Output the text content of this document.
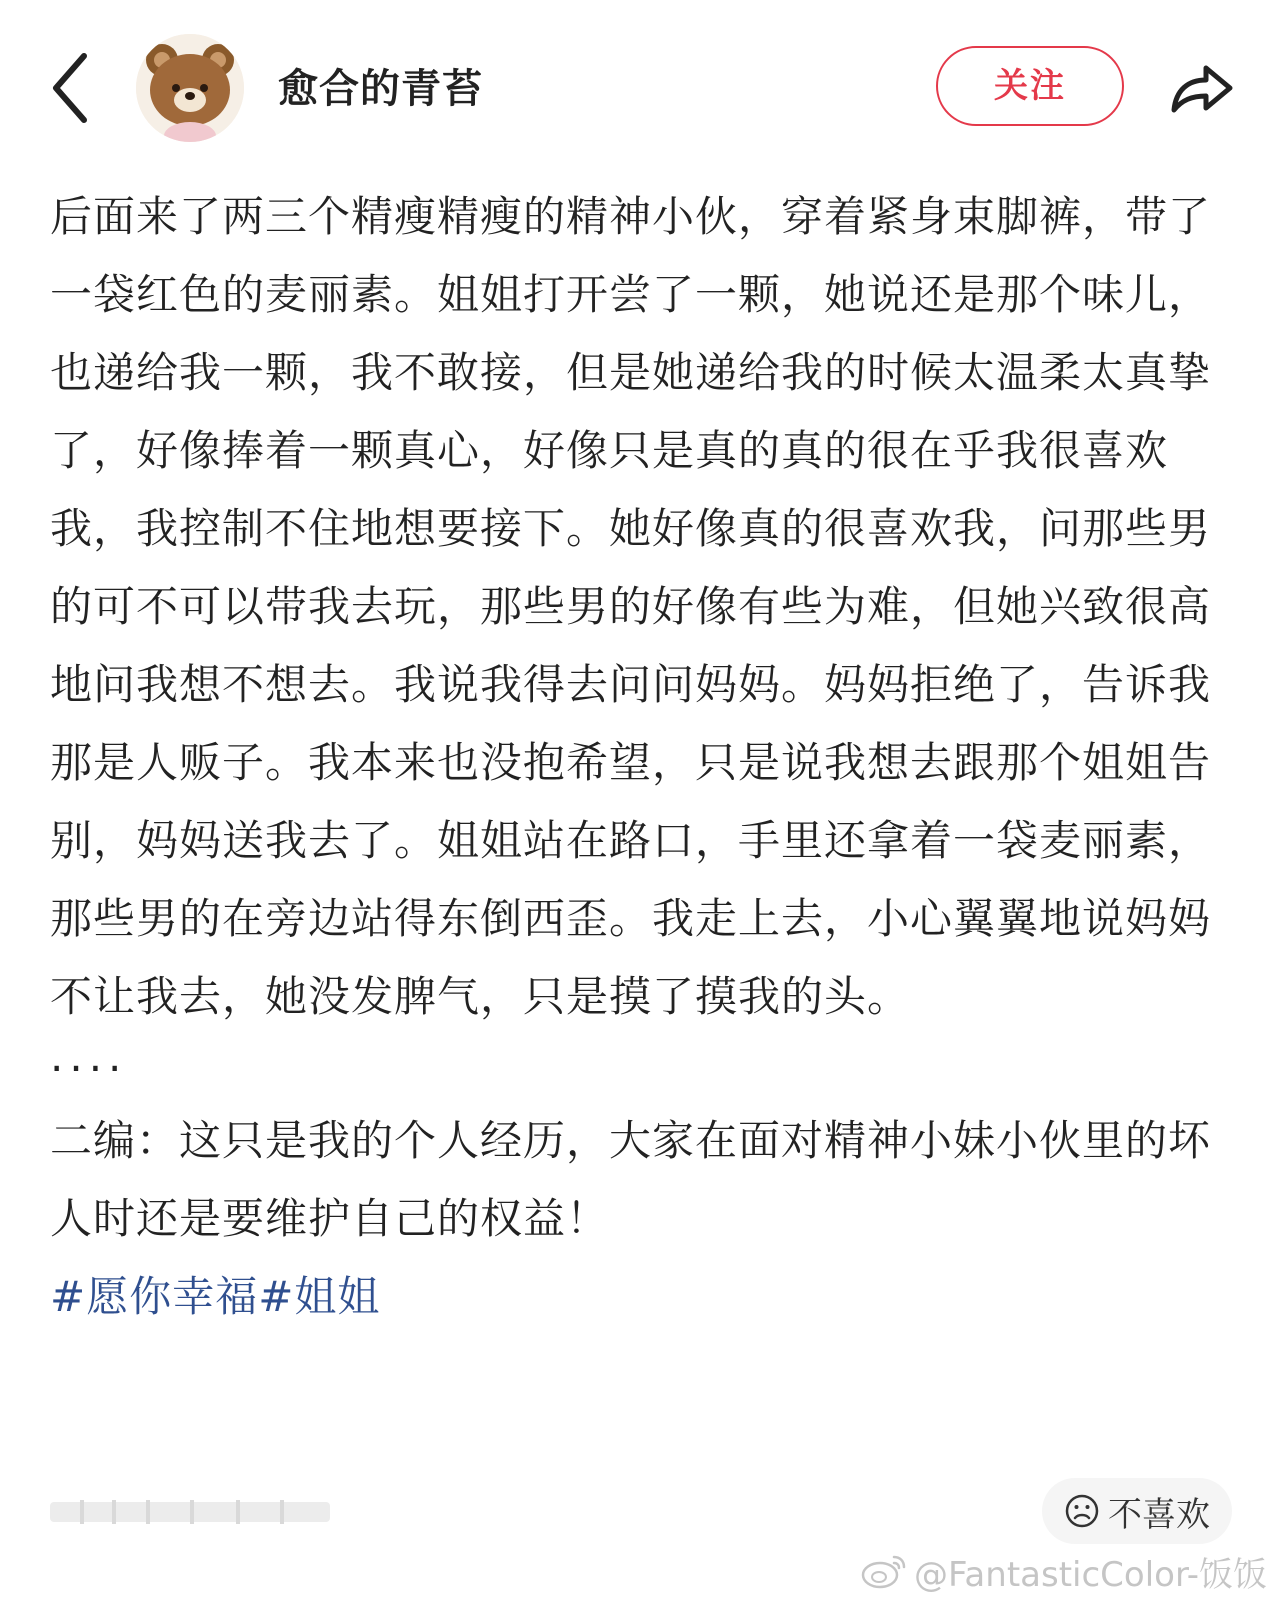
愈合的青苔	关注

后面来了两三个精瘦精瘦的精神小伙，穿着紧身束脚裤，带了一袋红色的麦丽素。姐姐打开尝了一颗，她说还是那个味儿，也递给我一颗，我不敢接，但是她递给我的时候太温柔太真挚了，好像捧着一颗真心，好像只是真的真的很在乎我很喜欢我，我控制不住地想要接下。她好像真的很喜欢我，问那些男的可不可以带我去玩，那些男的好像有些为难，但她兴致很高地问我想不想去。我说我得去问问妈妈。妈妈拒绝了，告诉我那是人贩子。我本来也没抱希望，只是说我想去跟那个姐姐告别，妈妈送我去了。姐姐站在路口，手里还拿着一袋麦丽素，那些男的在旁边站得东倒西歪。我走上去，小心翼翼地说妈妈不让我去，她没发脾气，只是摸了摸我的头。

····

二编：这只是我的个人经历，大家在面对精神小妹小伙里的坏人时还是要维护自己的权益！

#愿你幸福#姐姐

不喜欢
@FantasticColor-饭饭
